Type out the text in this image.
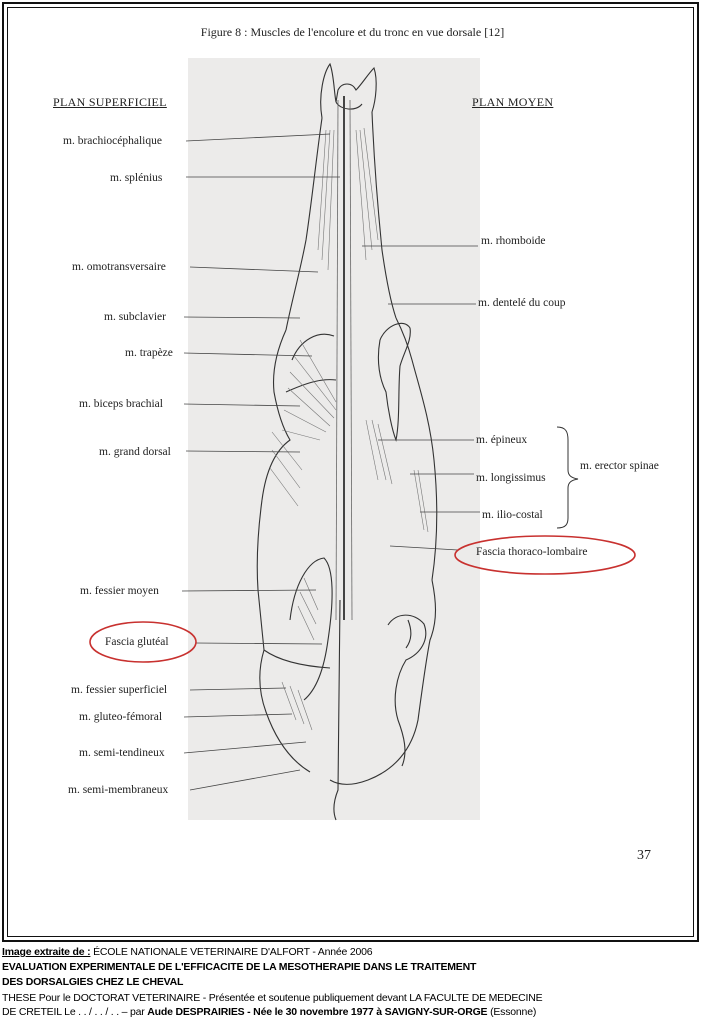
Figure 8 : Muscles de l'encolure et du tronc en vue dorsale [12]
PLAN SUPERFICIEL	PLAN MOYEN
m. brachiocéphalique
m. splénius
m. omotransversaire
m. subclavier
m. trapèze
m. biceps brachial
m. grand dorsal
m. fessier moyen
Fascia glutéal
m. fessier superficiel
m. gluteo-fémoral
m. semi-tendineux
m. semi-membraneux
m. rhomboide
m. dentelé du coup
m. épineux
m. longissimus
m. ilio-costal
Fascia thoraco-lombaire
m. erector spinae
37
Image extraite de : ÉCOLE NATIONALE VETERINAIRE D'ALFORT - Année 2006
EVALUATION EXPERIMENTALE DE L'EFFICACITE DE LA MESOTHERAPIE DANS LE TRAITEMENT
DES DORSALGIES CHEZ LE CHEVAL
THESE Pour le DOCTORAT VETERINAIRE - Présentée et soutenue publiquement devant LA FACULTE DE MEDECINE
DE CRETEIL Le . . / . . / . . – par Aude DESPRAIRIES - Née le 30 novembre 1977 à SAVIGNY-SUR-ORGE (Essonne)
